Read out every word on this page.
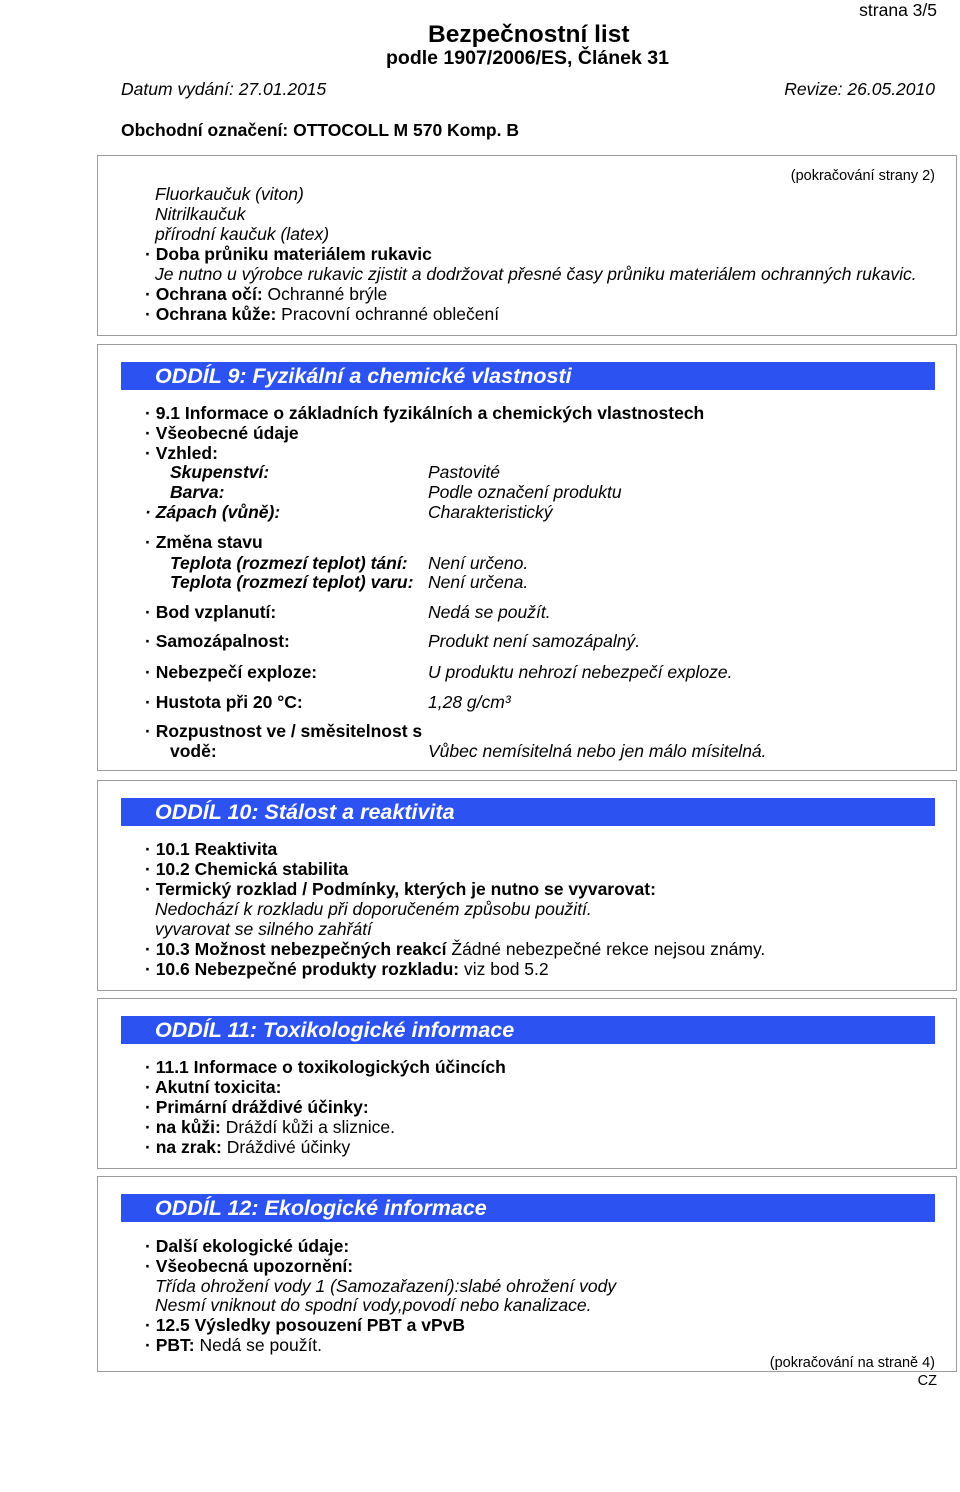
strana 3/5
Bezpečnostní list
podle 1907/2006/ES, Článek 31
Datum vydání: 27.01.2015	Revize: 26.05.2010
Obchodní označení: OTTOCOLL M 570 Komp. B
(pokračování strany 2)
Fluorkaučuk (viton)
Nitrilkaučuk
přírodní kaučuk (latex)
· Doba průniku materiálem rukavic
Je nutno u výrobce rukavic zjistit a dodržovat přesné časy průniku materiálem ochranných rukavic.
· Ochrana očí: Ochranné brýle
· Ochrana kůže: Pracovní ochranné oblečení
ODDÍL 9: Fyzikální a chemické vlastnosti
· 9.1 Informace o základních fyzikálních a chemických vlastnostech
· Všeobecné údaje
· Vzhled:
Skupenství:	Pastovité
Barva:	Podle označení produktu
· Zápach (vůně):	Charakteristický
· Změna stavu
Teplota (rozmezí teplot) tání: Není určeno.
Teplota (rozmezí teplot) varu: Není určena.
· Bod vzplanutí:	Nedá se použít.
· Samozápalnost:	Produkt není samozápalný.
· Nebezpečí exploze:	U produktu nehrozí nebezpečí exploze.
· Hustota při 20 °C:	1,28 g/cm³
· Rozpustnost ve / směsitelnost s
vodě:	Vůbec nemísitelná nebo jen málo mísitelná.
ODDÍL 10: Stálost a reaktivita
· 10.1 Reaktivita
· 10.2 Chemická stabilita
· Termický rozklad / Podmínky, kterých je nutno se vyvarovat:
Nedochází k rozkladu při doporučeném způsobu použití.
vyvarovat se silného zahřátí
· 10.3 Možnost nebezpečných reakcí Žádné nebezpečné rekce nejsou známy.
· 10.6 Nebezpečné produkty rozkladu: viz bod 5.2
ODDÍL 11: Toxikologické informace
· 11.1 Informace o toxikologických účincích
· Akutní toxicita:
· Primární dráždivé účinky:
· na kůži: Dráždí kůži a sliznice.
· na zrak: Dráždivé účinky
ODDÍL 12: Ekologické informace
· Další ekologické údaje:
· Všeobecná upozornění:
Třída ohrožení vody 1 (Samozařazení):slabé ohrožení vody
Nesmí vniknout do spodní vody,povodí nebo kanalizace.
· 12.5 Výsledky posouzení PBT a vPvB
· PBT: Nedá se použít.
(pokračování na straně 4)
CZ
